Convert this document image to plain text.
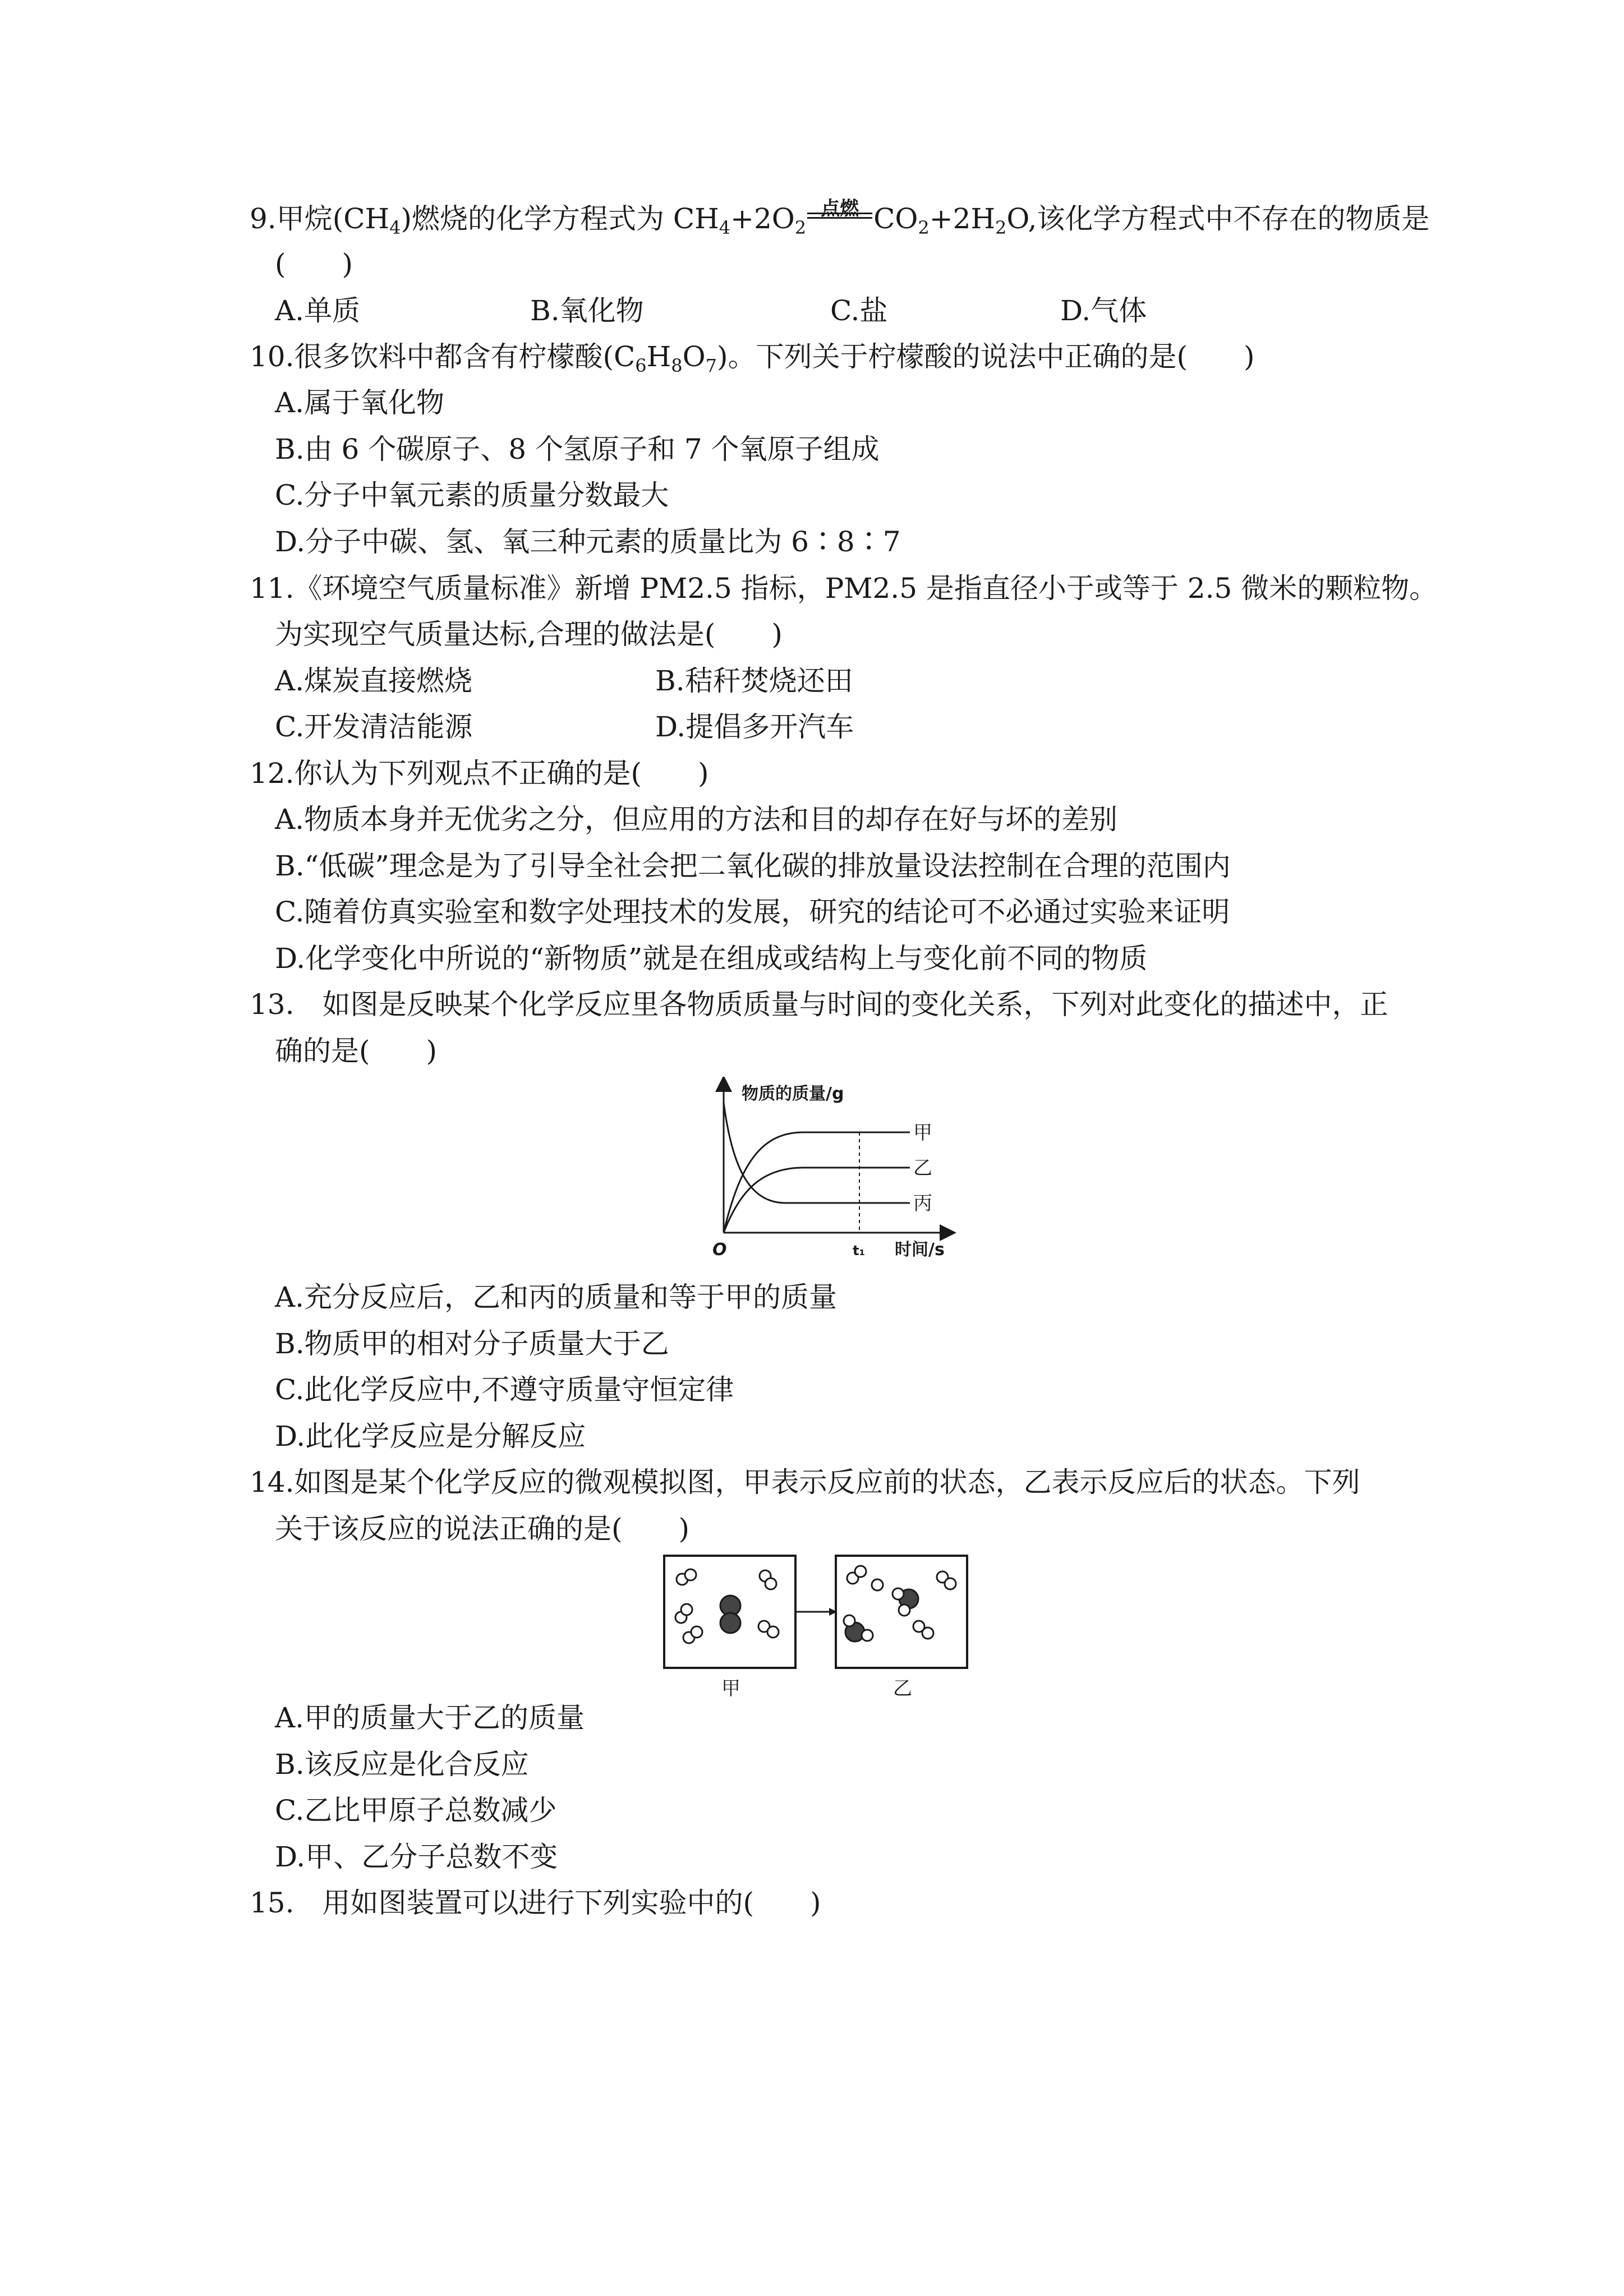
9.甲烷$(CH_4)$燃烧的化学方程式为 $CH_4+2O_2$
点燃 $CO_2+2H_2O$,该化学方程式中不存在的物质是
(　　)
A.单质	B.氧化物	C.盐	D.气体
10.很多饮料中都含有柠檬酸$(C_6H_8O_7)$。下列关于柠檬酸的说法中正确的是(　　)
A.属于氧化物
B.由 6 个碳原子、8 个氢原子和 7 个氧原子组成
C.分子中氧元素的质量分数最大
D.分子中碳、氢、氧三种元素的质量比为 6∶8∶7
11.《环境空气质量标准》新增 PM2.5 指标，PM2.5 是指直径小于或等于 2.5 微米的颗粒物。
为实现空气质量达标,合理的做法是(　　)
A.煤炭直接燃烧	B.秸秆焚烧还田
C.开发清洁能源	D.提倡多开汽车
12.你认为下列观点不正确的是(　　)
A.物质本身并无优劣之分，但应用的方法和目的却存在好与坏的差别
B.“低碳”理念是为了引导全社会把二氧化碳的排放量设法控制在合理的范围内
C.随着仿真实验室和数字处理技术的发展，研究的结论可不必通过实验来证明
D.化学变化中所说的“新物质”就是在组成或结构上与变化前不同的物质
13.　如图是反映某个化学反应里各物质质量与时间的变化关系，下列对此变化的描述中，正
确的是(　　)
物质的质量/g
O	t₁ 时间/s
甲
乙
丙
A.充分反应后，乙和丙的质量和等于甲的质量
B.物质甲的相对分子质量大于乙
C.此化学反应中,不遵守质量守恒定律
D.此化学反应是分解反应
14.如图是某个化学反应的微观模拟图，甲表示反应前的状态，乙表示反应后的状态。下列
关于该反应的说法正确的是(　　)
甲	乙
A.甲的质量大于乙的质量
B.该反应是化合反应
C.乙比甲原子总数减少
D.甲、乙分子总数不变
15.　用如图装置可以进行下列实验中的(　　)
